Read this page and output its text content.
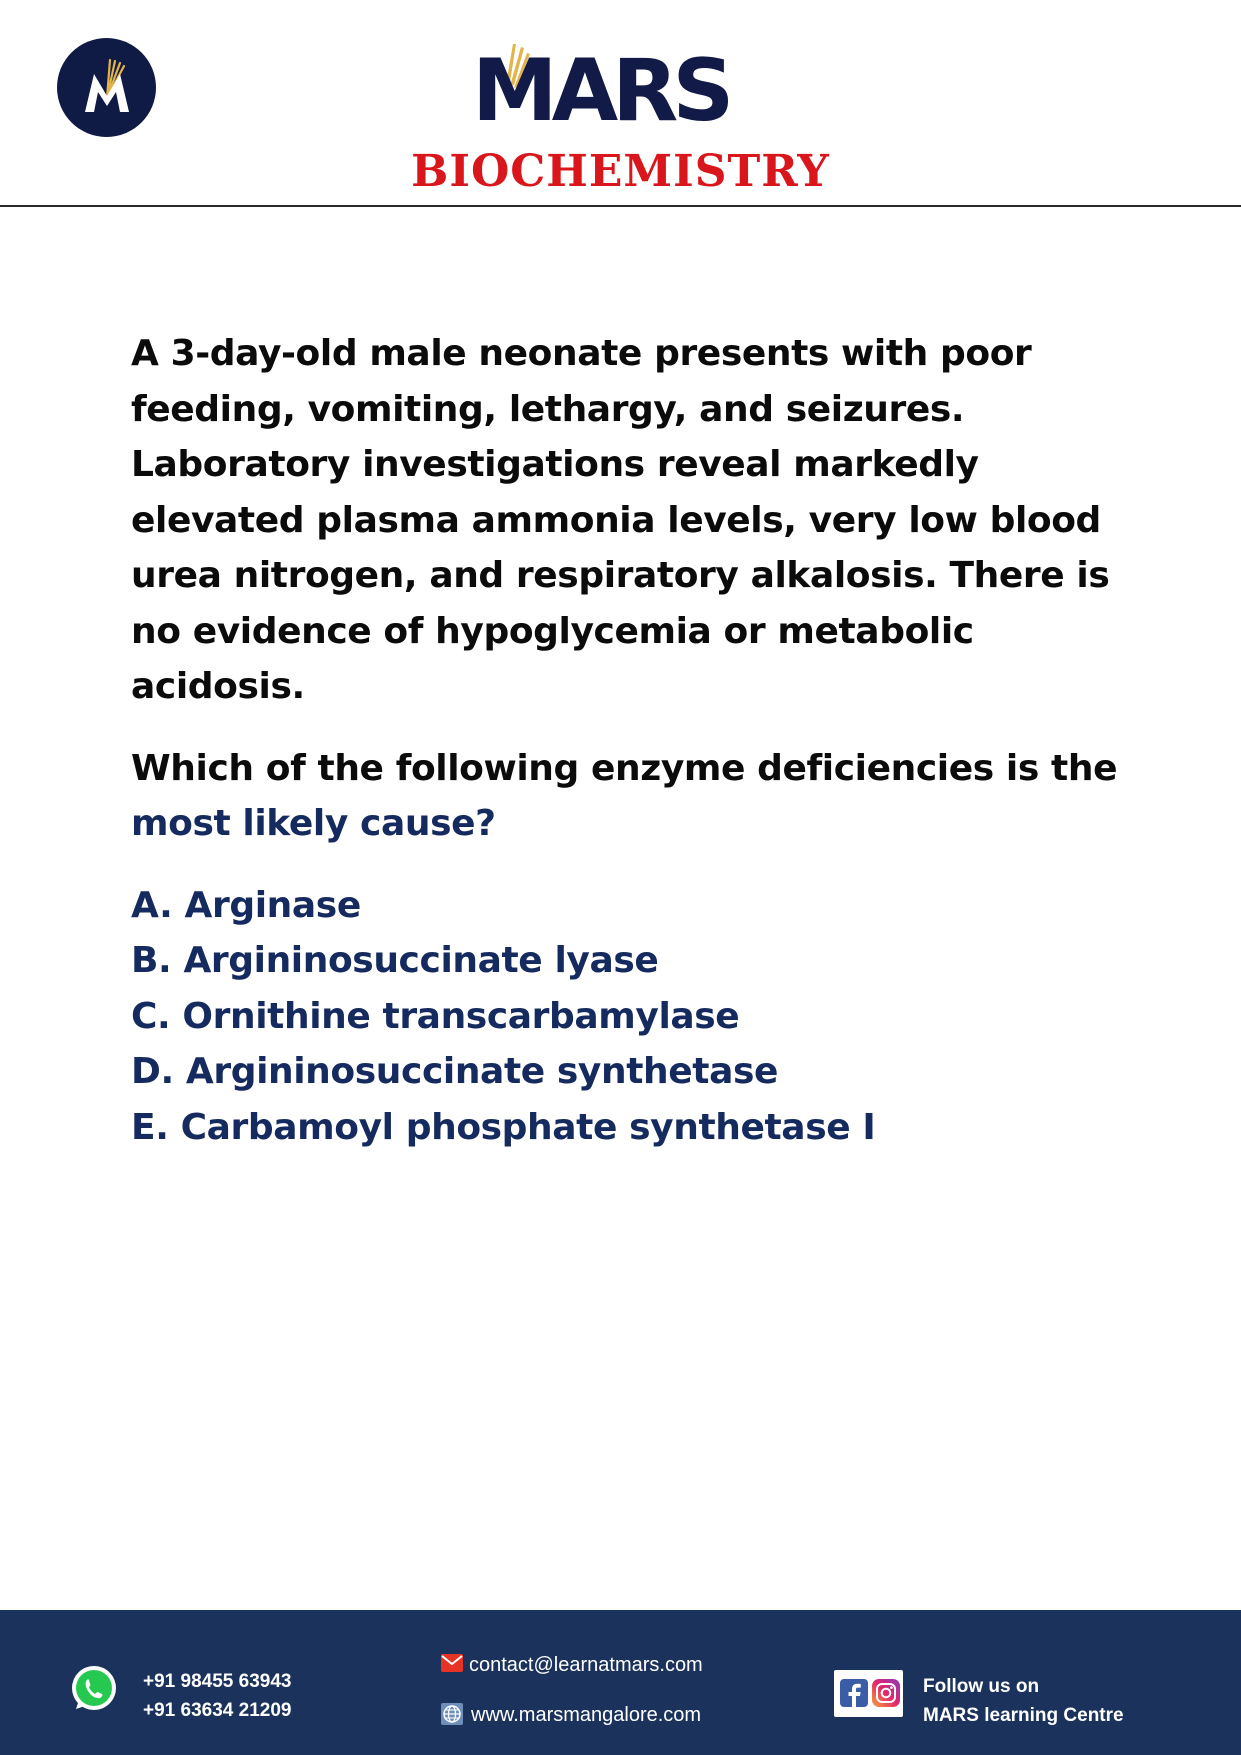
MARS
BIOCHEMISTRY

A 3-day-old male neonate presents with poor feeding, vomiting, lethargy, and seizures. Laboratory investigations reveal markedly elevated plasma ammonia levels, very low blood urea nitrogen, and respiratory alkalosis. There is no evidence of hypoglycemia or metabolic acidosis.

Which of the following enzyme deficiencies is the
most likely cause?

A. Arginase
B. Argininosuccinate lyase
C. Ornithine transcarbamylase
D. Argininosuccinate synthetase
E. Carbamoyl phosphate synthetase I
+91 98455 63943
+91 63634 21209
contact@learnatmars.com
www.marsmangalore.com
Follow us on
MARS learning Centre
